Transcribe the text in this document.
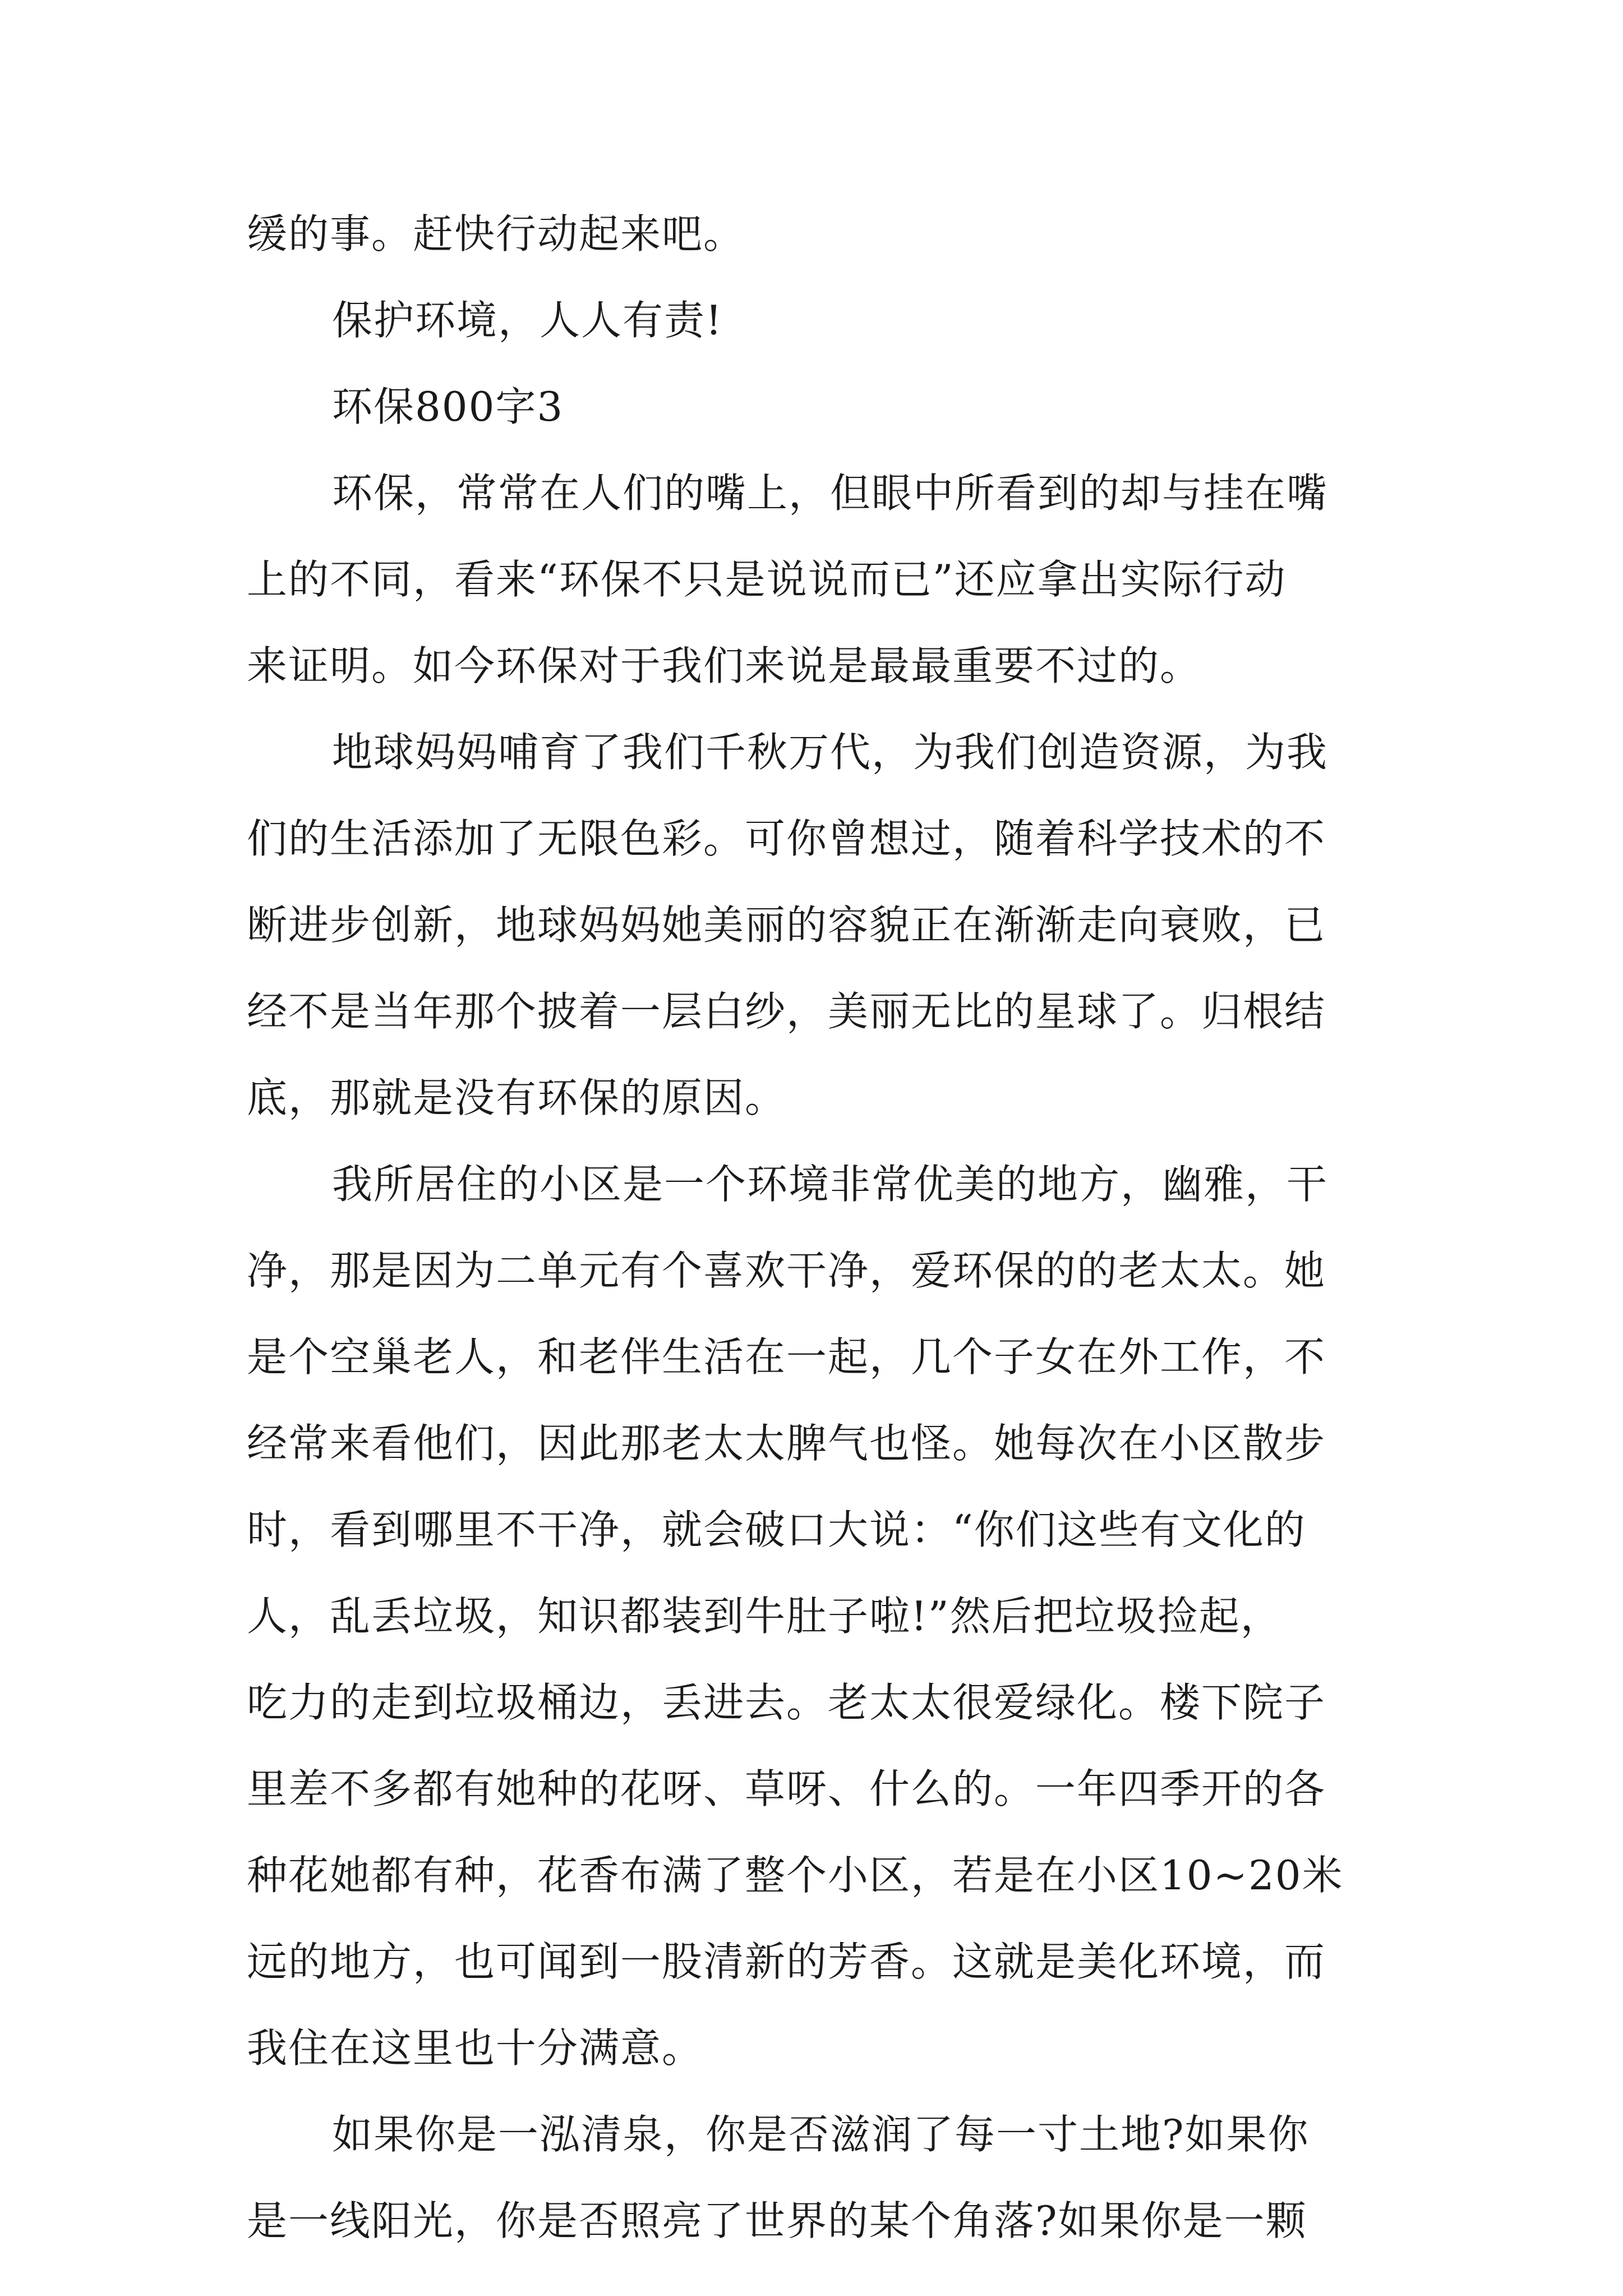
缓的事。赶快行动起来吧。
保护环境，人人有责!
环保800字3
环保，常常在人们的嘴上，但眼中所看到的却与挂在嘴
上的不同，看来“环保不只是说说而已”还应拿出实际行动
来证明。如今环保对于我们来说是最最重要不过的。
地球妈妈哺育了我们千秋万代，为我们创造资源，为我
们的生活添加了无限色彩。可你曾想过，随着科学技术的不
断进步创新，地球妈妈她美丽的容貌正在渐渐走向衰败，已
经不是当年那个披着一层白纱，美丽无比的星球了。归根结
底，那就是没有环保的原因。
我所居住的小区是一个环境非常优美的地方，幽雅，干
净，那是因为二单元有个喜欢干净，爱环保的的老太太。她
是个空巢老人，和老伴生活在一起，几个子女在外工作，不
经常来看他们，因此那老太太脾气也怪。她每次在小区散步
时，看到哪里不干净，就会破口大说：“你们这些有文化的
人，乱丢垃圾，知识都装到牛肚子啦!”然后把垃圾捡起，
吃力的走到垃圾桶边，丢进去。老太太很爱绿化。楼下院子
里差不多都有她种的花呀、草呀、什么的。一年四季开的各
种花她都有种，花香布满了整个小区，若是在小区10~20米
远的地方，也可闻到一股清新的芳香。这就是美化环境，而
我住在这里也十分满意。
如果你是一泓清泉，你是否滋润了每一寸土地?如果你
是一线阳光，你是否照亮了世界的某个角落?如果你是一颗
